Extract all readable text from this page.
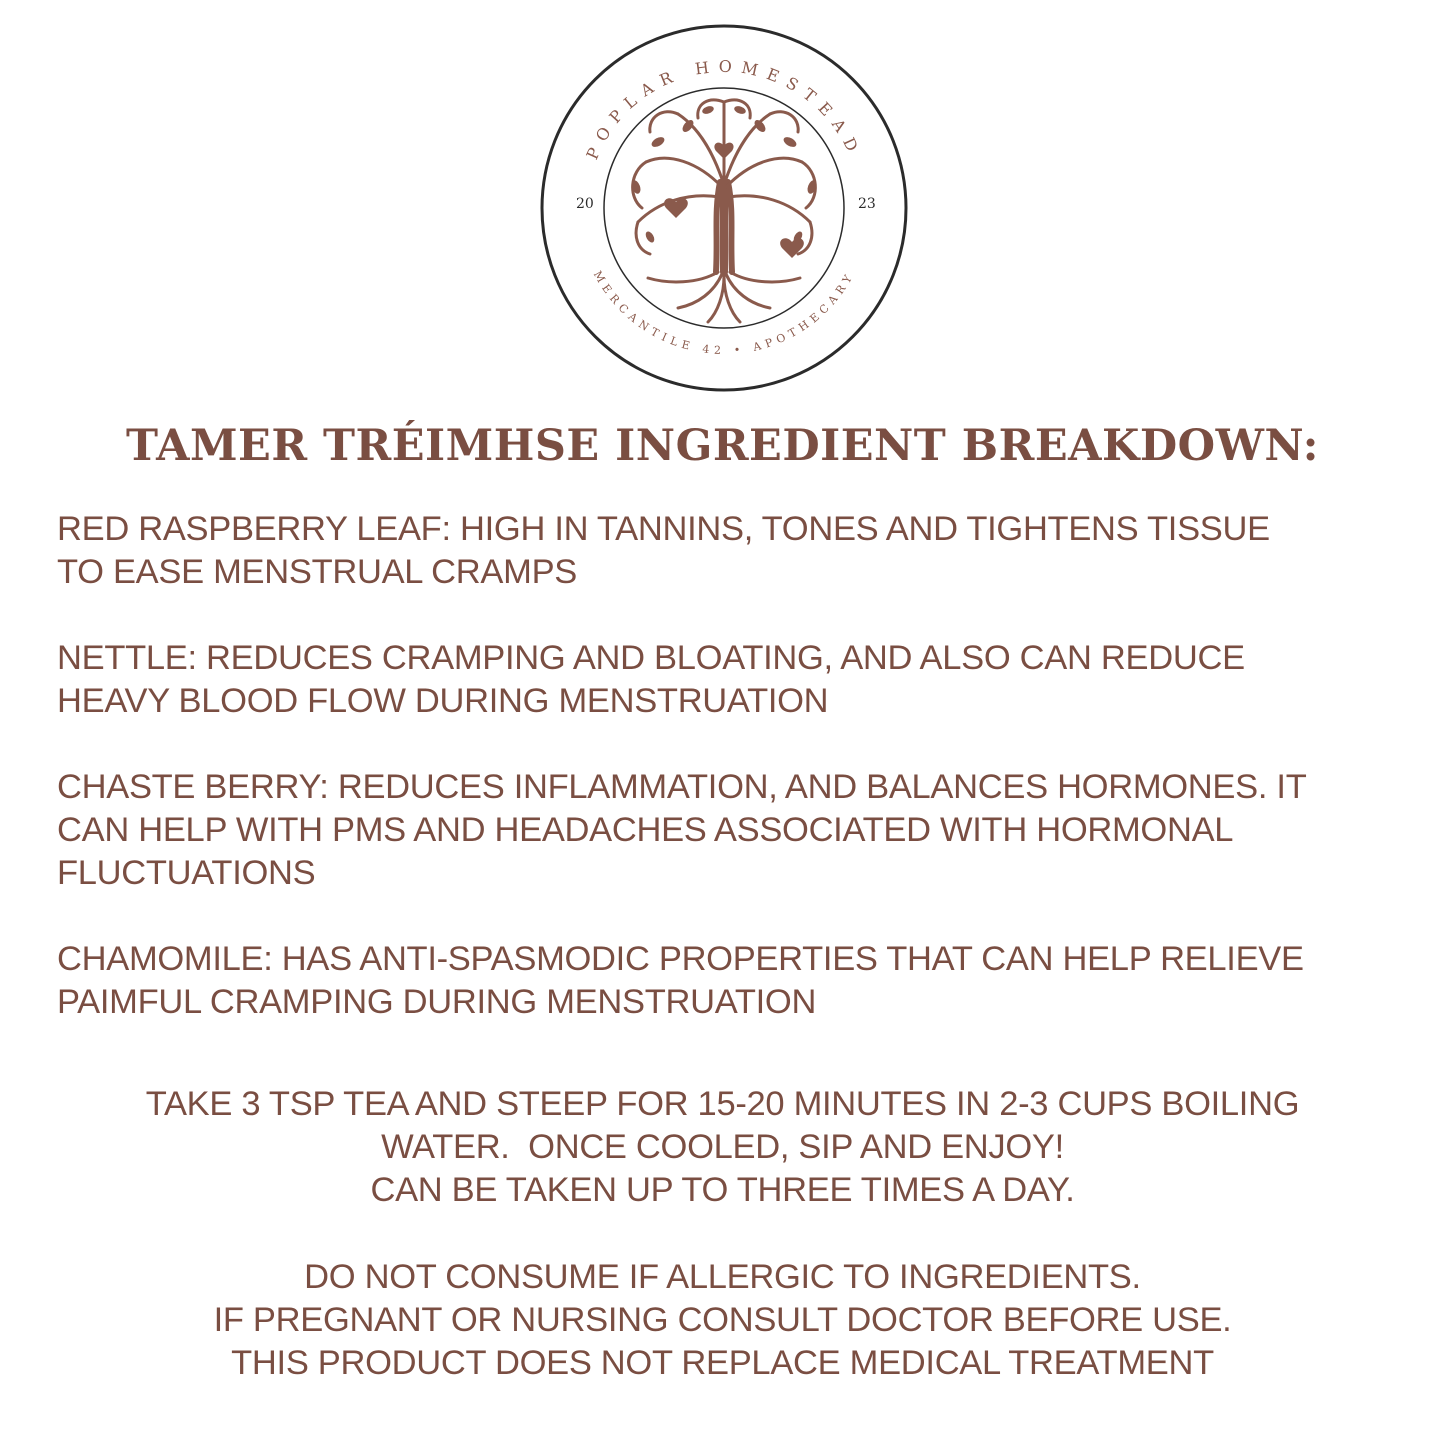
POPLAR HOMESTEAD
MERCANTILE 42 • APOTHECARY
20	23
TAMER TRÉIMHSE INGREDIENT BREAKDOWN:
RED RASPBERRY LEAF: HIGH IN TANNINS, TONES AND TIGHTENS TISSUE
TO EASE MENSTRUAL CRAMPS
NETTLE: REDUCES CRAMPING AND BLOATING, AND ALSO CAN REDUCE
HEAVY BLOOD FLOW DURING MENSTRUATION
CHASTE BERRY: REDUCES INFLAMMATION, AND BALANCES HORMONES. IT
CAN HELP WITH PMS AND HEADACHES ASSOCIATED WITH HORMONAL
FLUCTUATIONS
CHAMOMILE: HAS ANTI-SPASMODIC PROPERTIES THAT CAN HELP RELIEVE
PAIMFUL CRAMPING DURING MENSTRUATION
TAKE 3 TSP TEA AND STEEP FOR 15-20 MINUTES IN 2-3 CUPS BOILING
WATER.  ONCE COOLED, SIP AND ENJOY!
CAN BE TAKEN UP TO THREE TIMES A DAY.
DO NOT CONSUME IF ALLERGIC TO INGREDIENTS.
IF PREGNANT OR NURSING CONSULT DOCTOR BEFORE USE.
THIS PRODUCT DOES NOT REPLACE MEDICAL TREATMENT
